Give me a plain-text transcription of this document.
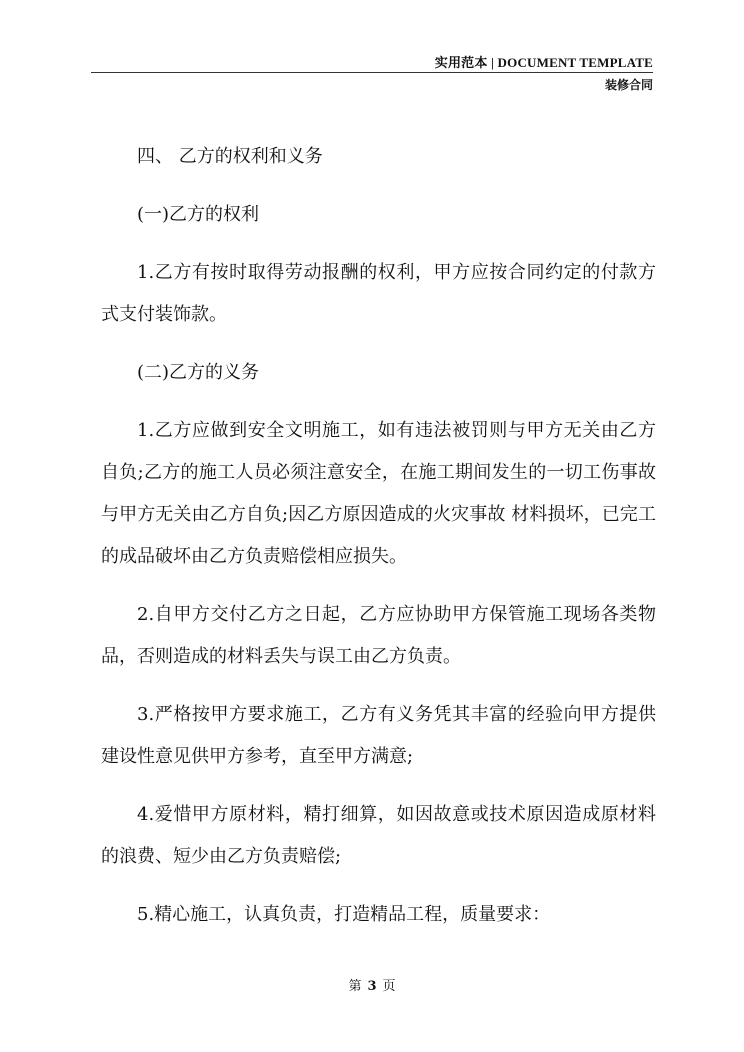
实用范本 | DOCUMENT TEMPLATE
装修合同

四、 乙方的权利和义务

(一)乙方的权利

1.乙方有按时取得劳动报酬的权利，甲方应按合同约定的付款方式支付装饰款。

(二)乙方的义务

1.乙方应做到安全文明施工，如有违法被罚则与甲方无关由乙方自负;乙方的施工人员必须注意安全，在施工期间发生的一切工伤事故与甲方无关由乙方自负;因乙方原因造成的火灾事故 材料损坏，已完工的成品破坏由乙方负责赔偿相应损失。

2.自甲方交付乙方之日起，乙方应协助甲方保管施工现场各类物品，否则造成的材料丢失与误工由乙方负责。

3.严格按甲方要求施工，乙方有义务凭其丰富的经验向甲方提供建设性意见供甲方参考，直至甲方满意;

4.爱惜甲方原材料，精打细算，如因故意或技术原因造成原材料的浪费、短少由乙方负责赔偿;

5.精心施工，认真负责，打造精品工程，质量要求：

第 3 页
